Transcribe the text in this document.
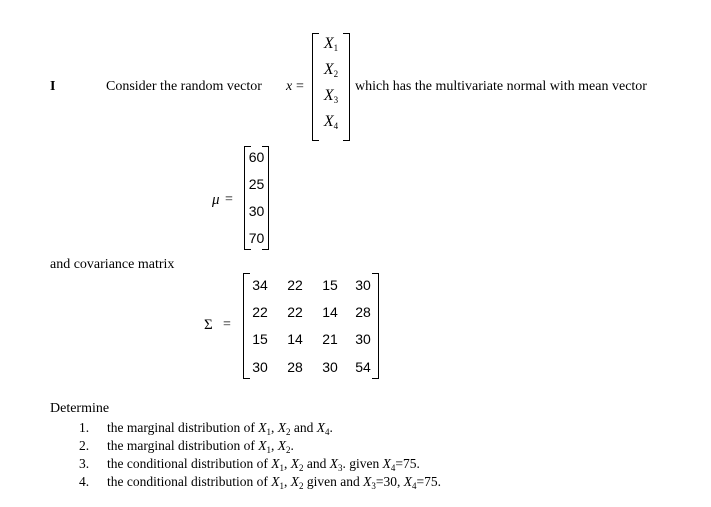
I	Consider the random vector x =
X1
X2
X3
X4
which has the multivariate normal with mean vector
μ =
60
25
30
70
and covariance matrix
Σ =
34	22	15	30
22	22	14	28
15	14	21	30
30	28	30	54
Determine
1. the marginal distribution of $X_1$, $X_2$ and $X_4$.
2. the marginal distribution of $X_1$, $X_2$.
3. the conditional distribution of $X_1$, $X_2$ and $X_3$. given $X_4=75$.
4. the conditional distribution of $X_1$, $X_2$ given and $X_3=30$, $X_4=75$.
